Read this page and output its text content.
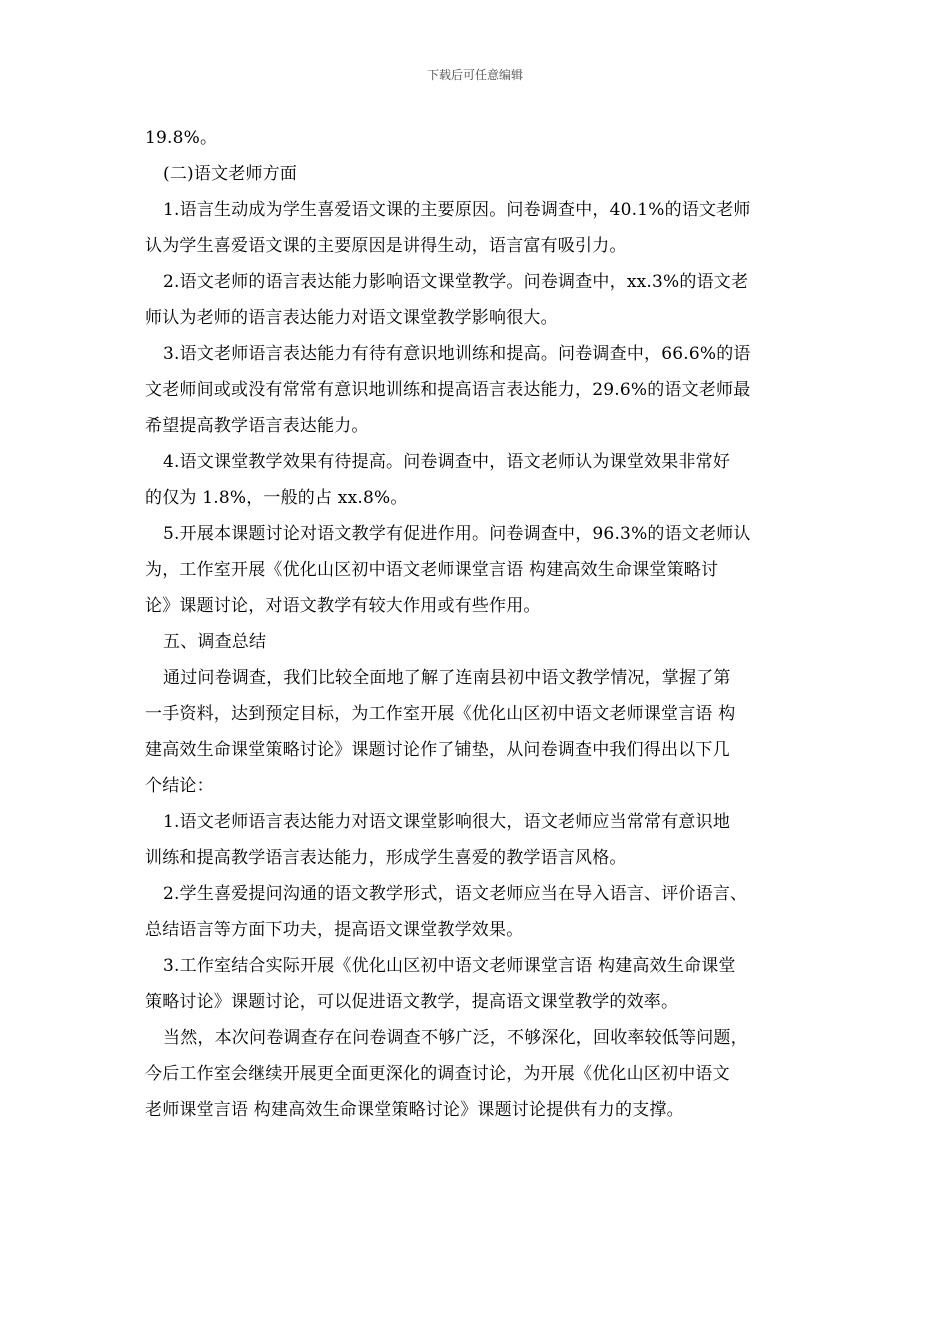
下载后可任意编辑
19.8%。
(二)语文老师方面
1.语言生动成为学生喜爱语文课的主要原因。问卷调查中，40.1%的语文老师
认为学生喜爱语文课的主要原因是讲得生动，语言富有吸引力。
2.语文老师的语言表达能力影响语文课堂教学。问卷调查中，xx.3%的语文老
师认为老师的语言表达能力对语文课堂教学影响很大。
3.语文老师语言表达能力有待有意识地训练和提高。问卷调查中，66.6%的语
文老师间或或没有常常有意识地训练和提高语言表达能力，29.6%的语文老师最
希望提高教学语言表达能力。
4.语文课堂教学效果有待提高。问卷调查中，语文老师认为课堂效果非常好
的仅为 1.8%，一般的占 xx.8%。
5.开展本课题讨论对语文教学有促进作用。问卷调查中，96.3%的语文老师认
为，工作室开展《优化山区初中语文老师课堂言语 构建高效生命课堂策略讨
论》课题讨论，对语文教学有较大作用或有些作用。
五、调查总结
通过问卷调查，我们比较全面地了解了连南县初中语文教学情况，掌握了第
一手资料，达到预定目标，为工作室开展《优化山区初中语文老师课堂言语 构
建高效生命课堂策略讨论》课题讨论作了铺垫，从问卷调查中我们得出以下几
个结论：
1.语文老师语言表达能力对语文课堂影响很大，语文老师应当常常有意识地
训练和提高教学语言表达能力，形成学生喜爱的教学语言风格。
2.学生喜爱提问沟通的语文教学形式，语文老师应当在导入语言、评价语言、
总结语言等方面下功夫，提高语文课堂教学效果。
3.工作室结合实际开展《优化山区初中语文老师课堂言语 构建高效生命课堂
策略讨论》课题讨论，可以促进语文教学，提高语文课堂教学的效率。
当然，本次问卷调查存在问卷调查不够广泛，不够深化，回收率较低等问题，
今后工作室会继续开展更全面更深化的调查讨论，为开展《优化山区初中语文
老师课堂言语 构建高效生命课堂策略讨论》课题讨论提供有力的支撑。
